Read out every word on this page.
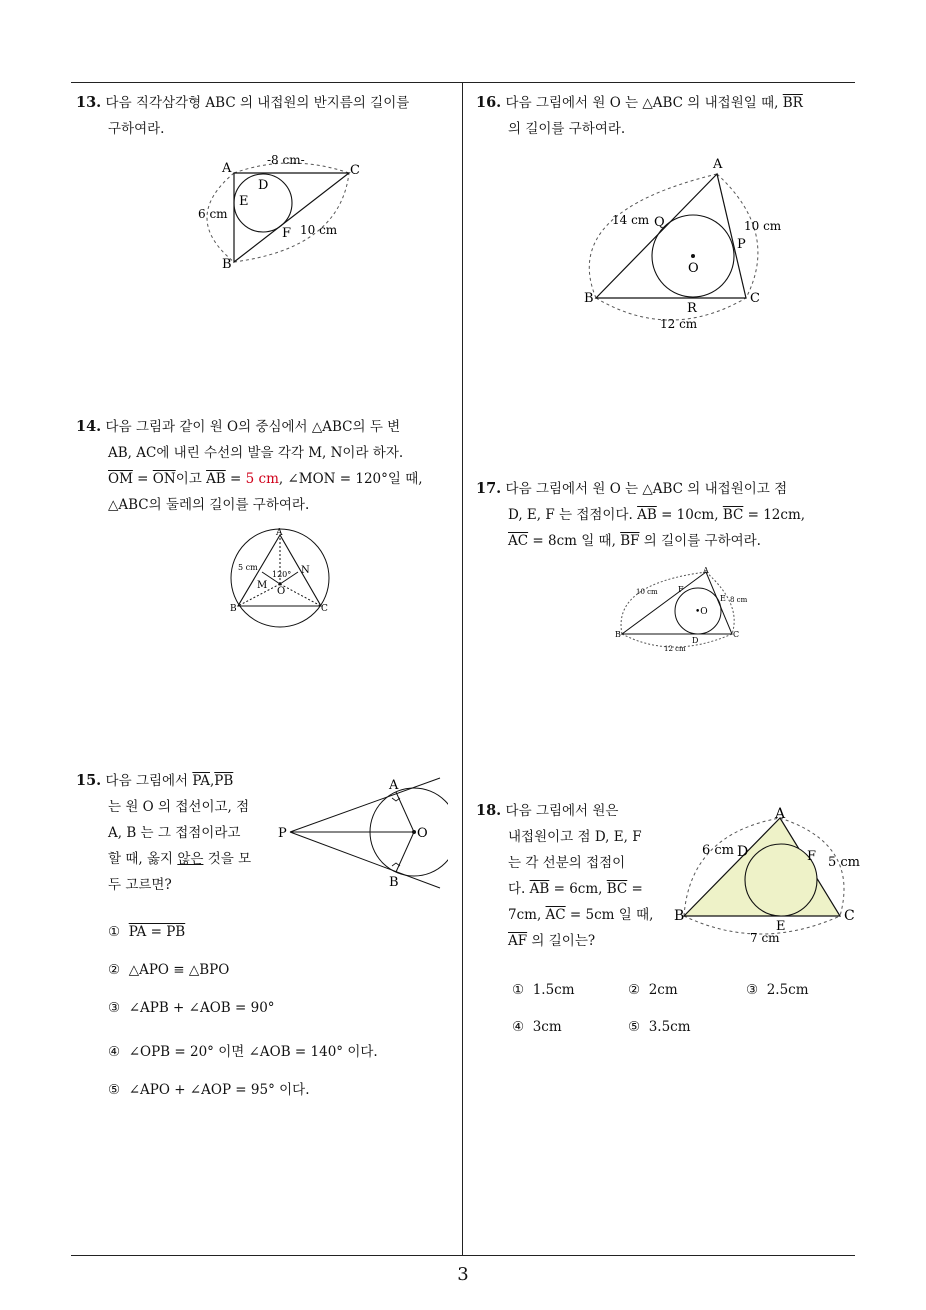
13. 다음 직각삼각형 ABC 의 내접원의 반지름의 길이를
구하여라.
A	C
B
D
E
F
-8 cm-
6 cm
10 cm
14. 다음 그림과 같이 원 O의 중심에서 △ABC의 두 변
AB, AC에 내린 수선의 발을 각각 M, N이라 하자.
$\overline{OM} = \overline{ON}$이고 $\overline{AB} = 5$ cm, ∠MON = 120°일 때,
△ABC의 둘레의 길이를 구하여라.
A
B	C
M
N
O
5 cm
120°
15. 다음 그림에서 $\overline{PA},\overline{PB}$
는 원 O 의 접선이고, 점
A, B 는 그 접점이라고
할 때, 옳지 않은 것을 모
두 고르면?
A
B
P	O
① PA = PB
② △APO ≡ △BPO
③ ∠APB + ∠AOB = 90°
④ ∠OPB = 20° 이면 ∠AOB = 140° 이다.
⑤ ∠APO + ∠AOP = 95° 이다.
16. 다음 그림에서 원 O 는 △ABC 의 내접원일 때, $\overline{BR}$
의 길이를 구하여라.
A
B	C
Q
P
R
O
14 cm	10 cm
12 cm
17. 다음 그림에서 원 O 는 △ABC 의 내접원이고 점
D, E, F 는 접점이다. $\overline{AB} = 10cm$, $\overline{BC} = 12cm$,
$\overline{AC} = 8cm$ 일 때, $\overline{BF}$ 의 길이를 구하여라.
A
B	C
D
E
F
•O
10 cm
8 cm
12 cm
18. 다음 그림에서 원은
내접원이고 점 D, E, F
는 각 선분의 접점이
다. $\overline{AB} = 6cm$, $\overline{BC}$ =
7cm, $\overline{AC} = 5cm$ 일 때,
$\overline{AF}$ 의 길이는?
A
B	C
D
E
F
6 cm
5 cm
7 cm
① 1.5cm	② 2cm	③ 2.5cm
④ 3cm	⑤ 3.5cm
3
